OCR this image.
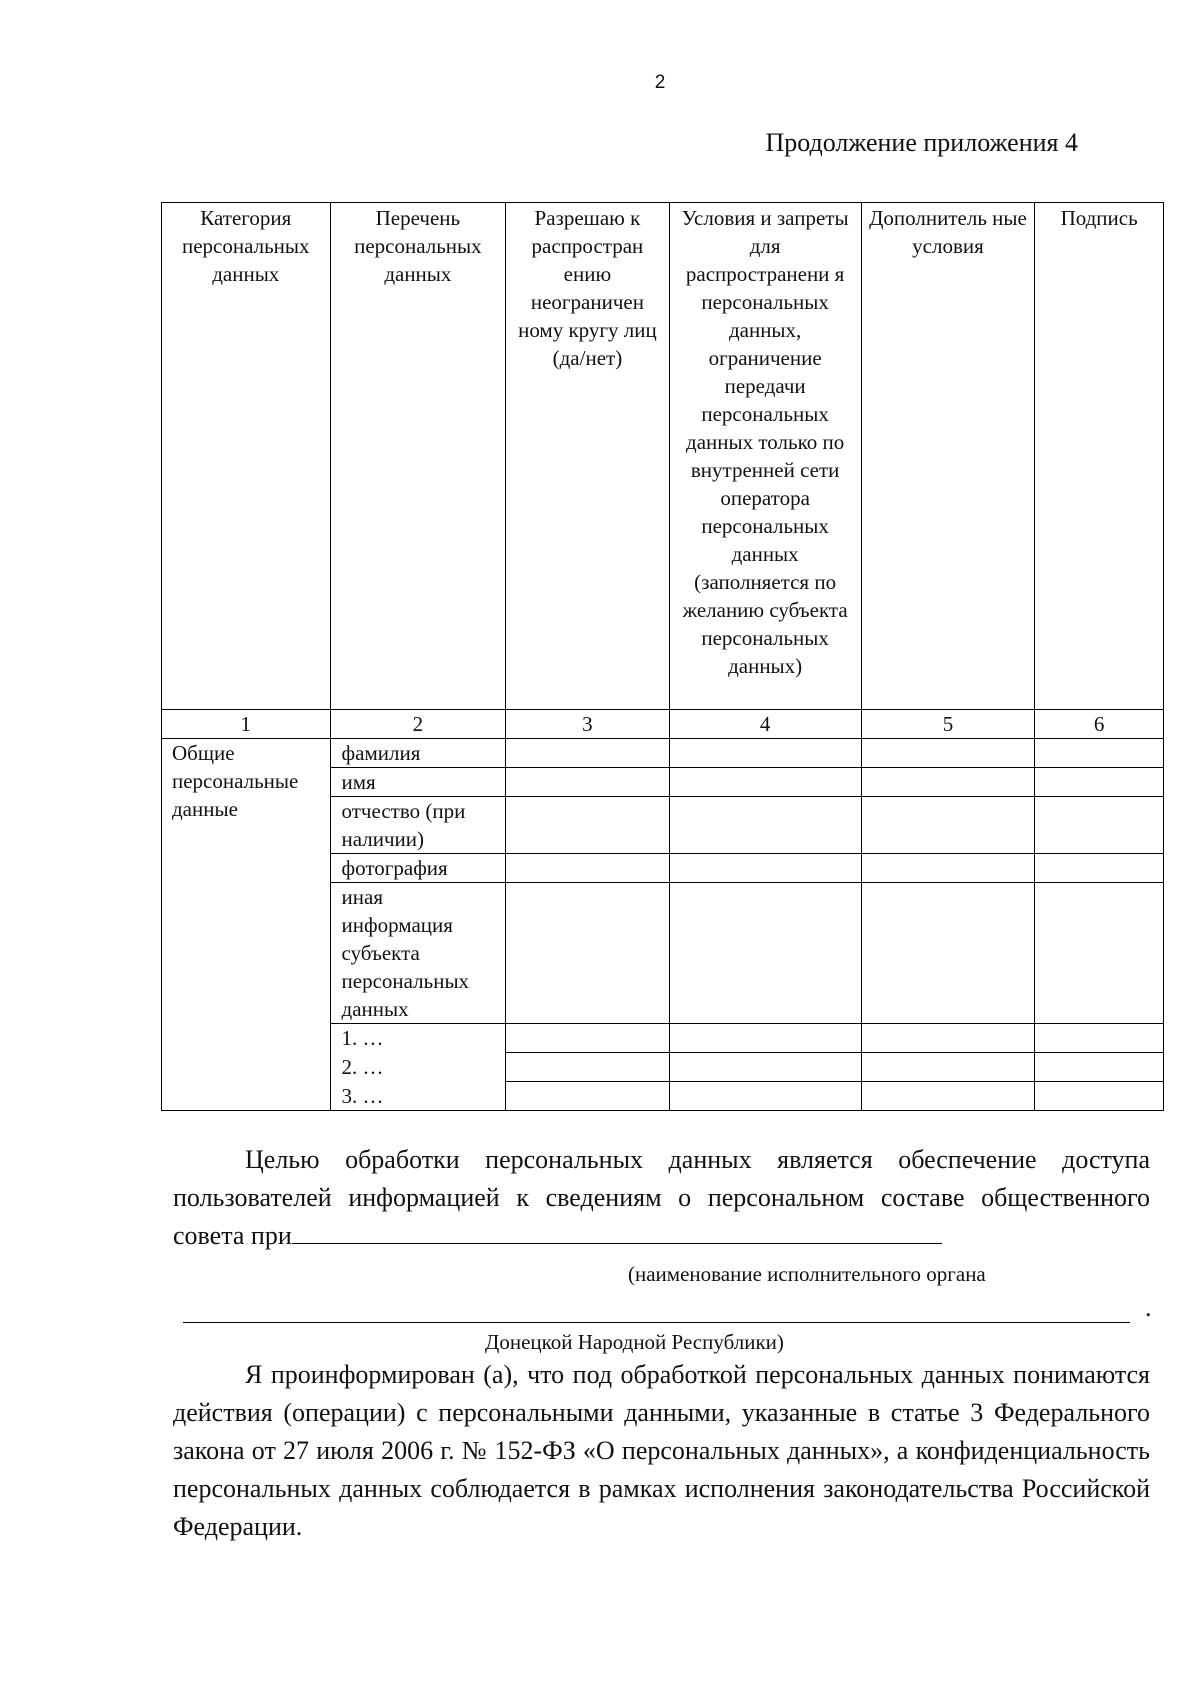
2
Продолжение приложения 4
Категория персональных данных	Перечень персональных данных	Разрешаю к распростран ению неограничен ному кругу лиц (да/нет)	Условия и запреты для распространени я персональных данных, ограничение передачи персональных данных только по внутренней сети оператора персональных данных (заполняется по желанию субъекта персональных данных)	Дополнитель ные условия	Подпись
1	2	3	4	5	6
Общие персональные данные	фамилия				
	имя				
	отчество (при наличии)				
	фотография				
	иная информация субъекта персональных данных				
	1. …				
	2. …				
	3. …				
Целью обработки персональных данных является обеспечение доступа пользователей информацией к сведениям о персональном составе общественного совета при
(наименование исполнительного органа
.
Донецкой Народной Республики)
Я проинформирован (а), что под обработкой персональных данных понимаются действия (операции) с персональными данными, указанные в статье 3 Федерального закона от 27 июля 2006 г. № 152-ФЗ «О персональных данных», а конфиденциальность персональных данных соблюдается в рамках исполнения законодательства Российской Федерации.
